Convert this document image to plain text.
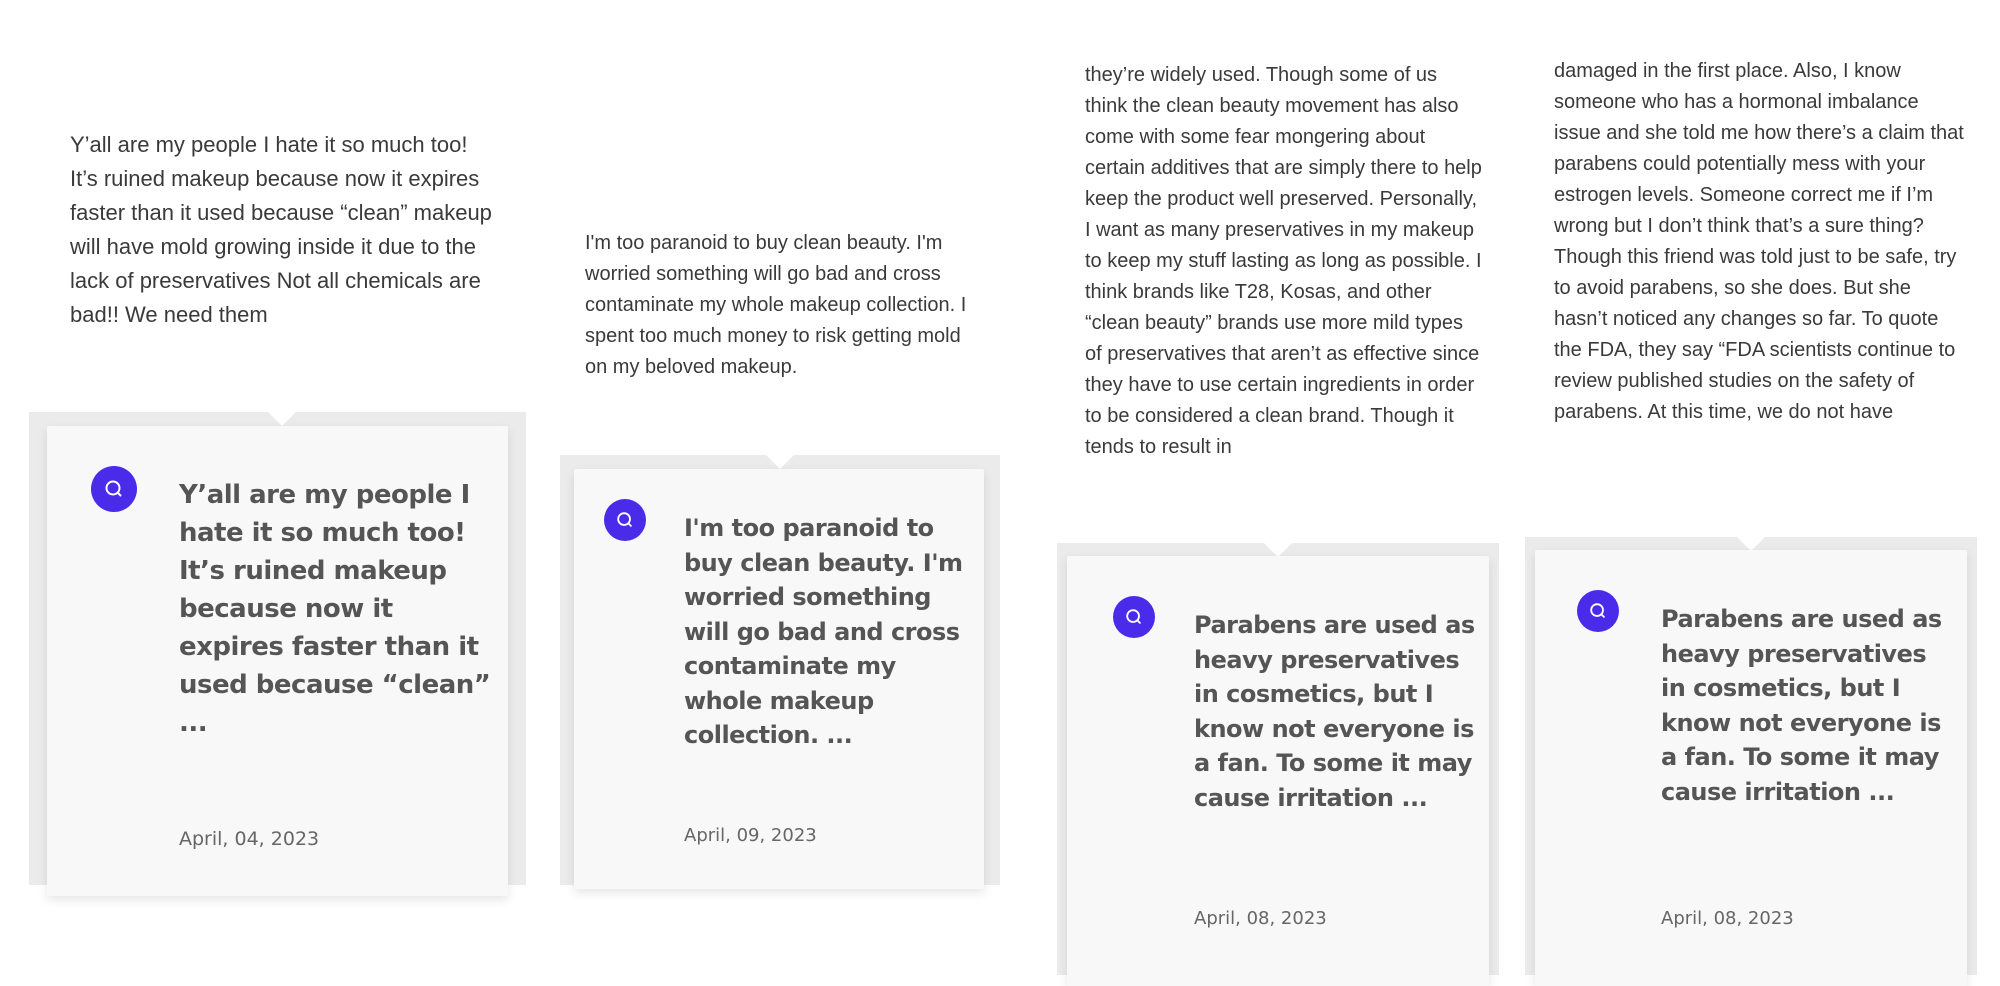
Y’all are my people I hate it so much too! It’s ruined makeup because now it expires faster than it used because “clean” makeup will have mold growing inside it due to the lack of preservatives Not all chemicals are bad!! We need them

Y’all are my people I hate it so much too! It’s ruined makeup because now it expires faster than it used because “clean” ...

April, 04, 2023

I'm too paranoid to buy clean beauty. I'm worried something will go bad and cross contaminate my whole makeup collection. I spent too much money to risk getting mold on my beloved makeup.

I'm too paranoid to buy clean beauty. I'm worried something will go bad and cross contaminate my whole makeup collection. ...

April, 09, 2023

they’re widely used. Though some of us think the clean beauty movement has also come with some fear mongering about certain additives that are simply there to help keep the product well preserved. Personally, I want as many preservatives in my makeup to keep my stuff lasting as long as possible. I think brands like T28, Kosas, and other “clean beauty” brands use more mild types of preservatives that aren’t as effective since they have to use certain ingredients in order to be considered a clean brand. Though it tends to result in

Parabens are used as heavy preservatives in cosmetics, but I know not everyone is a fan. To some it may cause irritation ...

April, 08, 2023

damaged in the first place. Also, I know someone who has a hormonal imbalance issue and she told me how there’s a claim that parabens could potentially mess with your estrogen levels. Someone correct me if I’m wrong but I don’t think that’s a sure thing? Though this friend was told just to be safe, try to avoid parabens, so she does. But she hasn’t noticed any changes so far. To quote the FDA, they say “FDA scientists continue to review published studies on the safety of parabens. At this time, we do not have

Parabens are used as heavy preservatives in cosmetics, but I know not everyone is a fan. To some it may cause irritation ...

April, 08, 2023
